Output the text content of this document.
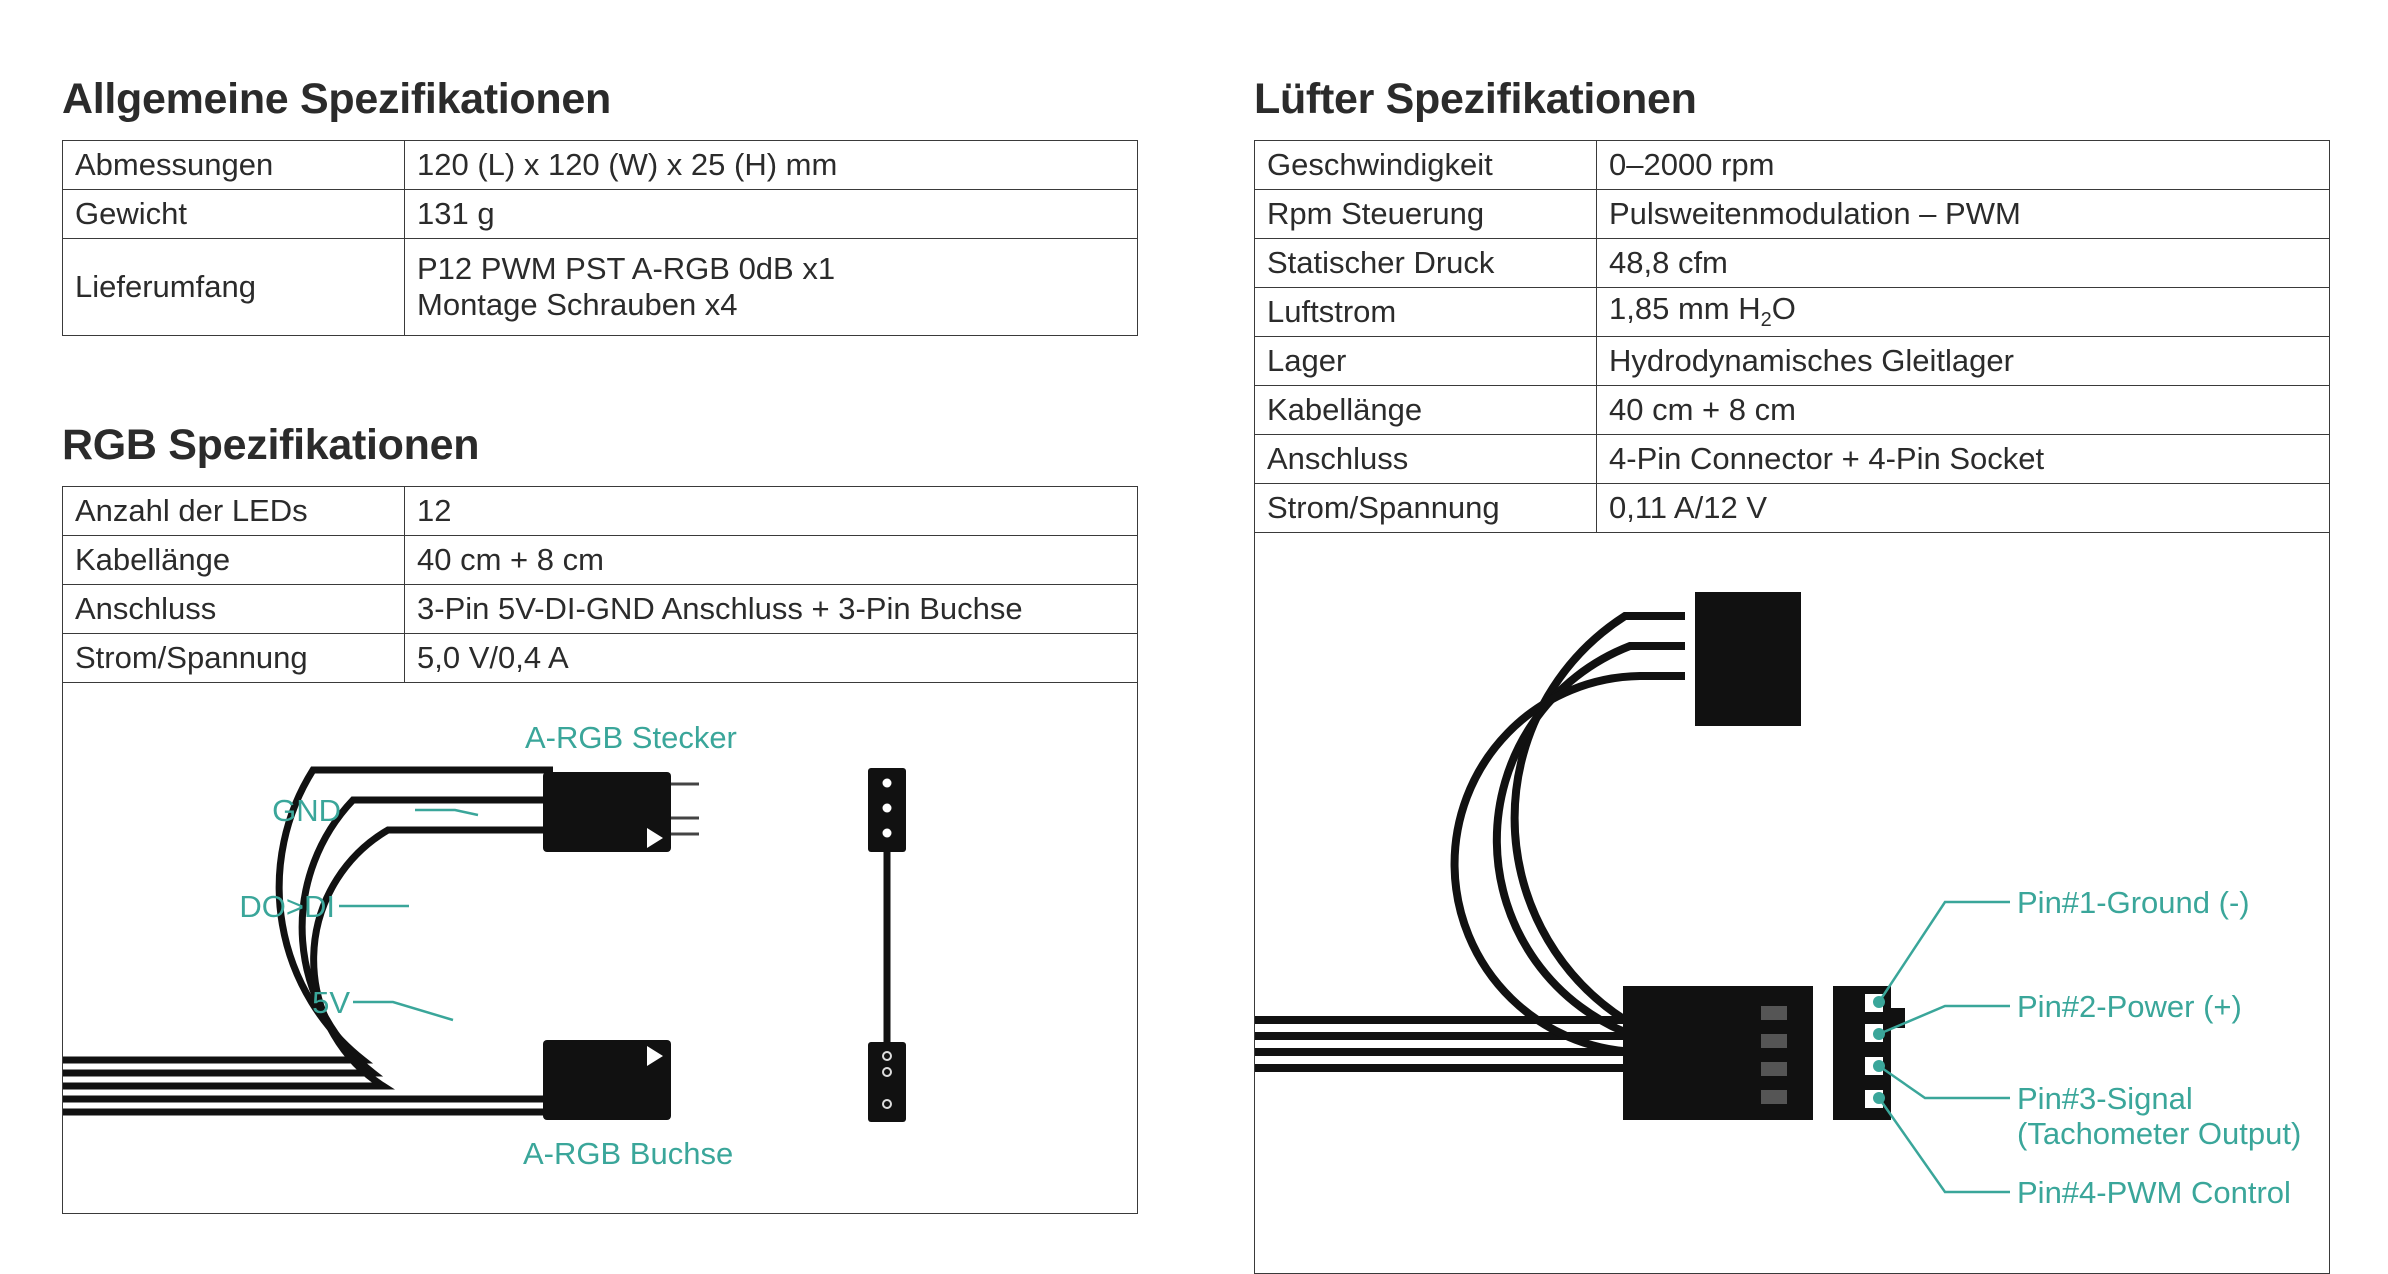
Allgemeine Spezifikationen
Abmessungen	120 (L) x 120 (W) x 25 (H) mm
Gewicht	131 g
Lieferumfang	P12 PWM PST A-RGB 0dB x1
Montage Schrauben x4
RGB Spezifikationen
Anzahl der LEDs	12
Kabellänge	40 cm + 8 cm
Anschluss	3-Pin 5V-DI-GND Anschluss + 3-Pin Buchse
Strom/Spannung	5,0 V/0,4 A
A-RGB Stecker
A-RGB Buchse
GND
DO>DI
5V
Lüfter Spezifikationen
Geschwindigkeit	0–2000 rpm
Rpm Steuerung	Pulsweitenmodulation – PWM
Statischer Druck	48,8 cfm
Luftstrom	1,85 mm $H_2O$
Lager	Hydrodynamisches Gleitlager
Kabellänge	40 cm + 8 cm
Anschluss	4-Pin Connector + 4-Pin Socket
Strom/Spannung	0,11 A/12 V
Pin#1-Ground (-)
Pin#2-Power (+)
Pin#3-Signal
(Tachometer Output)
Pin#4-PWM Control
